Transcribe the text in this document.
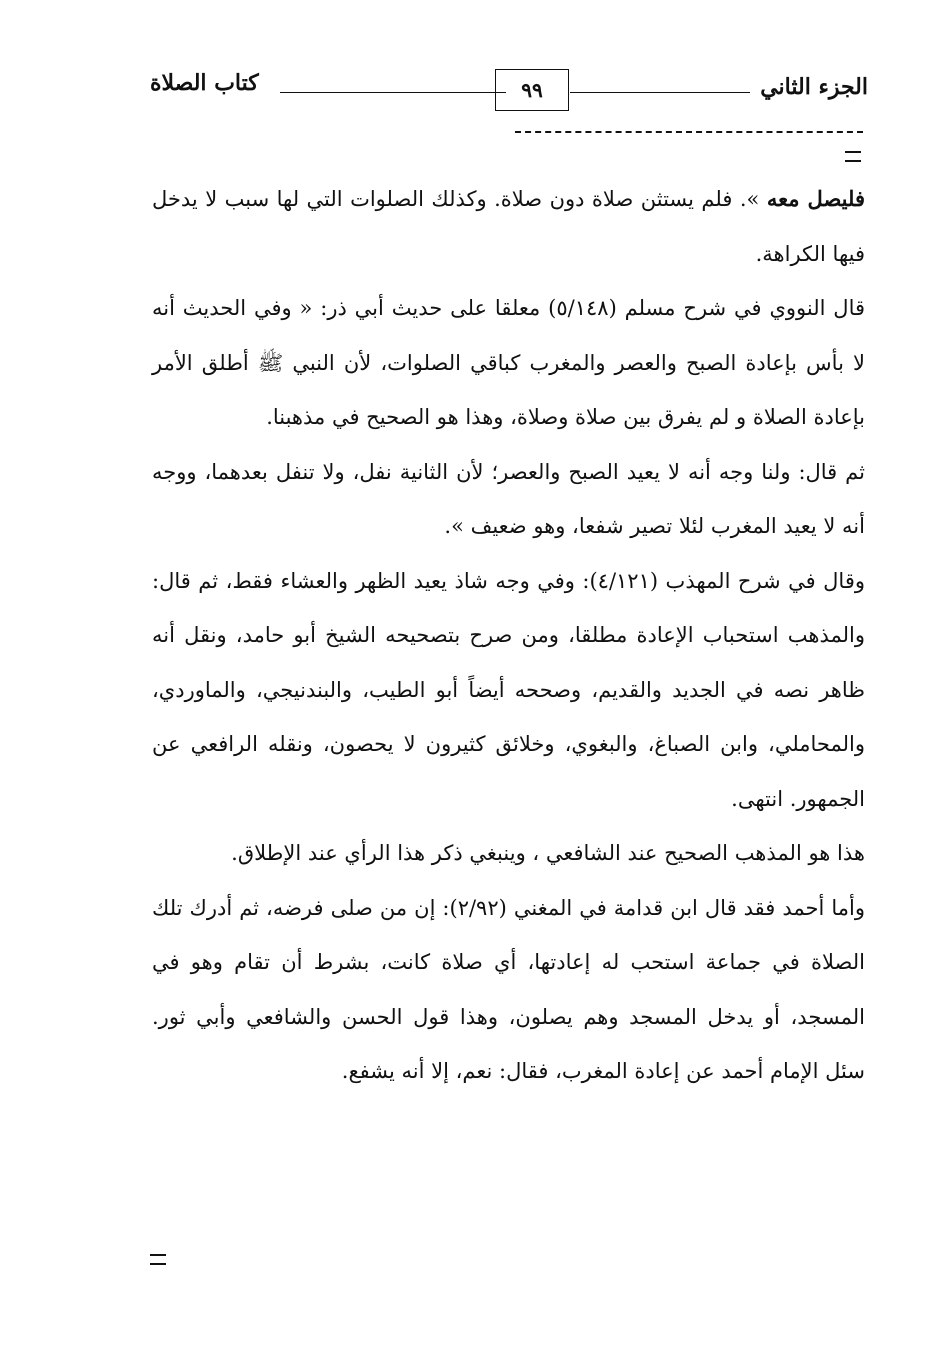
الجزء الثاني
٩٩
كتاب الصلاة

فليصل معه ». فلم يستثن صلاة دون صلاة. وكذلك الصلوات التي لها سبب لا يدخل فيها الكراهة.

قال النووي في شرح مسلم (٥/١٤٨) معلقا على حديث أبي ذر: « وفي الحديث أنه لا بأس بإعادة الصبح والعصر والمغرب كباقي الصلوات، لأن النبي ﷺ أطلق الأمر بإعادة الصلاة و لم يفرق بين صلاة وصلاة، وهذا هو الصحيح في مذهبنا.

ثم قال: ولنا وجه أنه لا يعيد الصبح والعصر؛ لأن الثانية نفل، ولا تنفل بعدهما، ووجه أنه لا يعيد المغرب لئلا تصير شفعا، وهو ضعيف ».

وقال في شرح المهذب (٤/١٢١): وفي وجه شاذ يعيد الظهر والعشاء فقط، ثم قال: والمذهب استحباب الإعادة مطلقا، ومن صرح بتصحيحه الشيخ أبو حامد، ونقل أنه ظاهر نصه في الجديد والقديم، وصححه أيضاً أبو الطيب، والبندنيجي، والماوردي، والمحاملي، وابن الصباغ، والبغوي، وخلائق كثيرون لا يحصون، ونقله الرافعي عن الجمهور. انتهى.

هذا هو المذهب الصحيح عند الشافعي ، وينبغي ذكر هذا الرأي عند الإطلاق.

وأما أحمد فقد قال ابن قدامة في المغني (٢/٩٢): إن من صلى فرضه، ثم أدرك تلك الصلاة في جماعة استحب له إعادتها، أي صلاة كانت، بشرط أن تقام وهو في المسجد، أو يدخل المسجد وهم يصلون، وهذا قول الحسن والشافعي وأبي ثور. سئل الإمام أحمد عن إعادة المغرب، فقال: نعم، إلا أنه يشفع.
